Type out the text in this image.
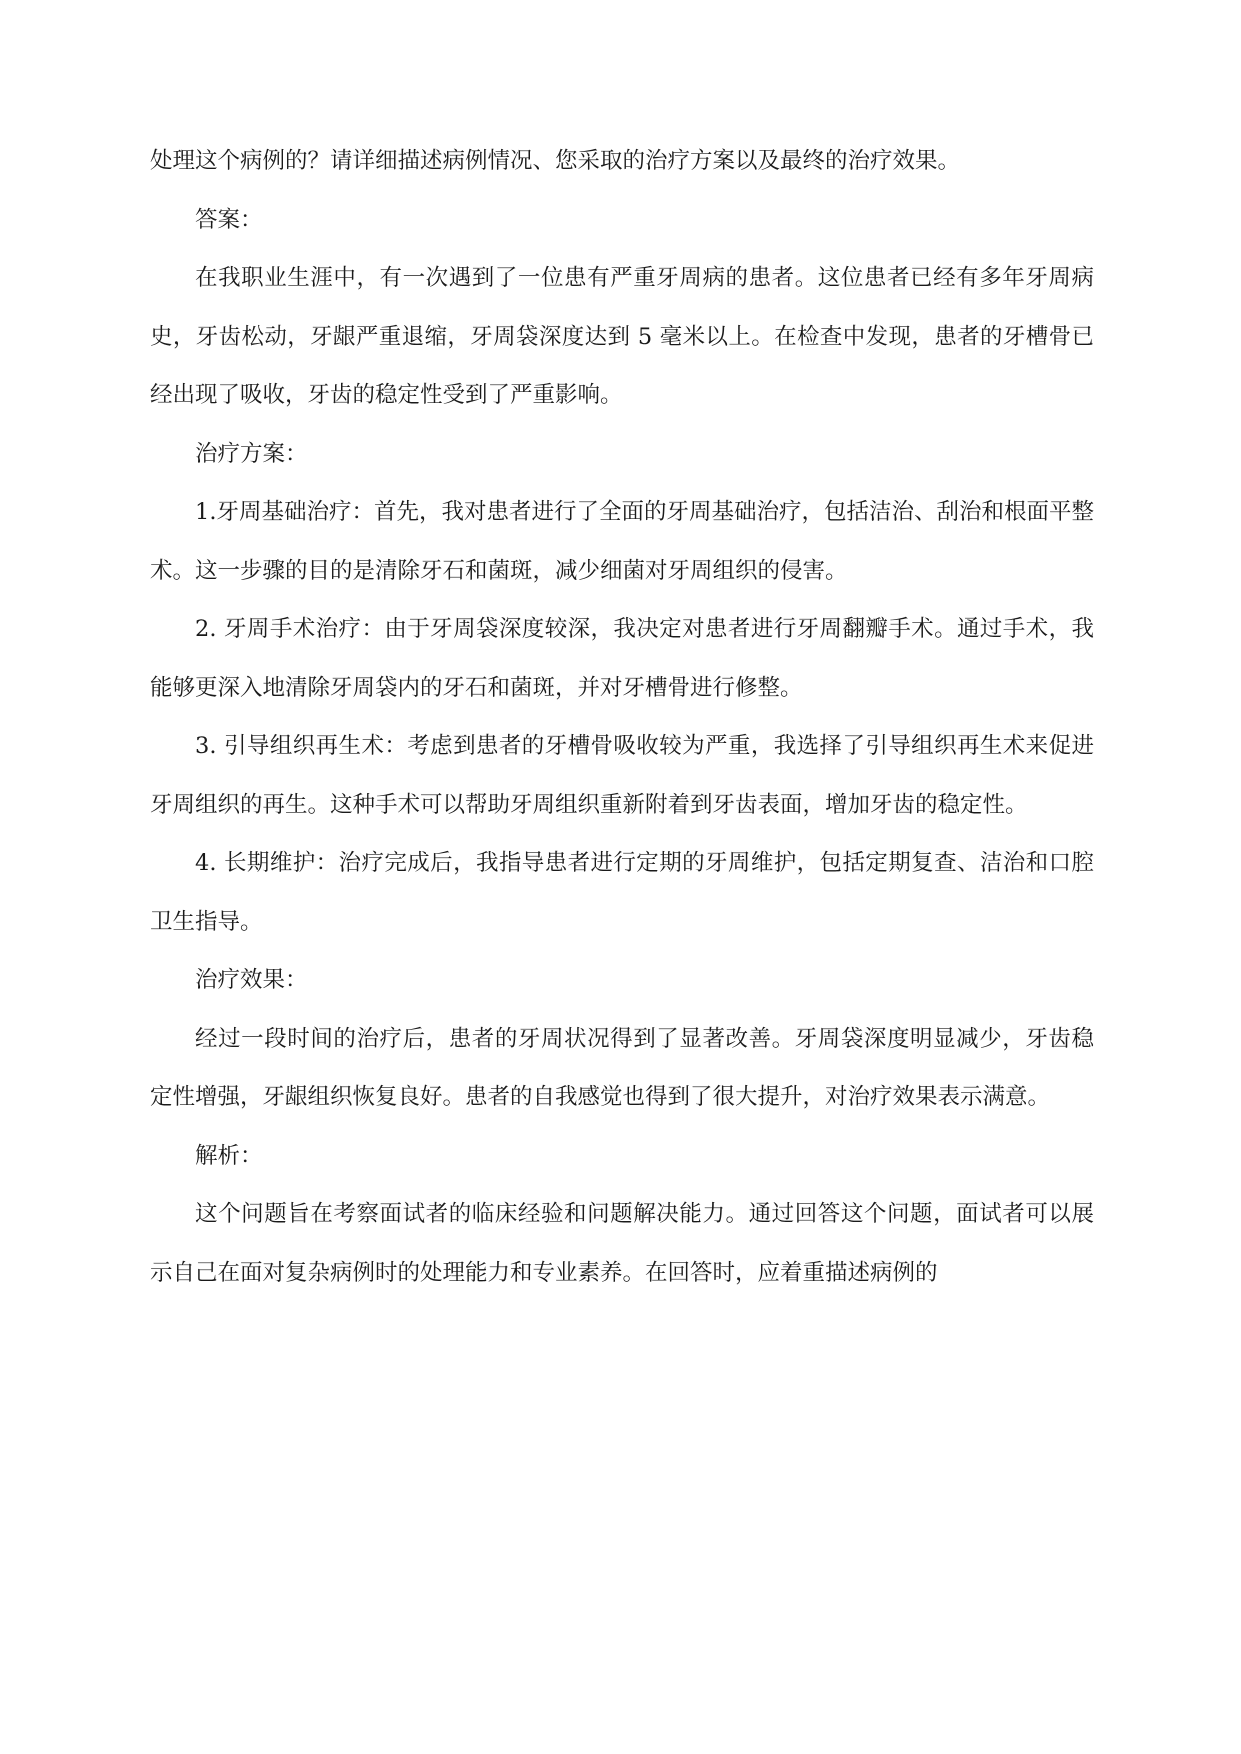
处理这个病例的？请详细描述病例情况、您采取的治疗方案以及最终的治疗效果。

答案：

在我职业生涯中，有一次遇到了一位患有严重牙周病的患者。这位患者已经有多年牙周病史，牙齿松动，牙龈严重退缩，牙周袋深度达到 5 毫米以上。在检查中发现，患者的牙槽骨已经出现了吸收，牙齿的稳定性受到了严重影响。

治疗方案：

1.牙周基础治疗：首先，我对患者进行了全面的牙周基础治疗，包括洁治、刮治和根面平整术。这一步骤的目的是清除牙石和菌斑，减少细菌对牙周组织的侵害。

2. 牙周手术治疗：由于牙周袋深度较深，我决定对患者进行牙周翻瓣手术。通过手术，我能够更深入地清除牙周袋内的牙石和菌斑，并对牙槽骨进行修整。

3. 引导组织再生术：考虑到患者的牙槽骨吸收较为严重，我选择了引导组织再生术来促进牙周组织的再生。这种手术可以帮助牙周组织重新附着到牙齿表面，增加牙齿的稳定性。

4. 长期维护：治疗完成后，我指导患者进行定期的牙周维护，包括定期复查、洁治和口腔卫生指导。

治疗效果：

经过一段时间的治疗后，患者的牙周状况得到了显著改善。牙周袋深度明显减少，牙齿稳定性增强，牙龈组织恢复良好。患者的自我感觉也得到了很大提升，对治疗效果表示满意。

解析：

这个问题旨在考察面试者的临床经验和问题解决能力。通过回答这个问题，面试者可以展示自己在面对复杂病例时的处理能力和专业素养。在回答时，应着重描述病例的
